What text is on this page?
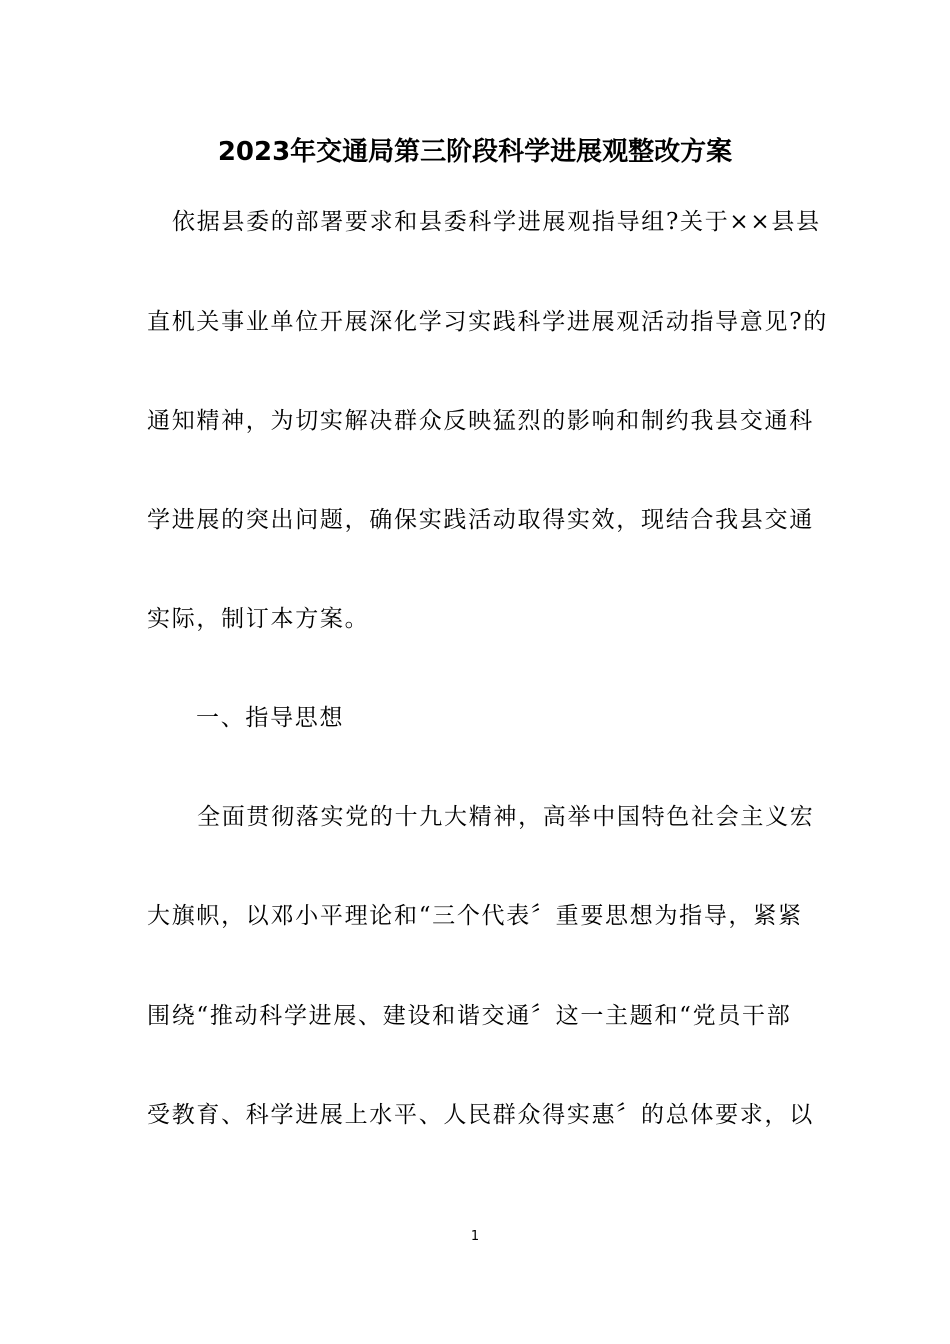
2023年交通局第三阶段科学进展观整改方案
依据县委的部署要求和县委科学进展观指导组?关于××县县
直机关事业单位开展深化学习实践科学进展观活动指导意见?的
通知精神，为切实解决群众反映猛烈的影响和制约我县交通科
学进展的突出问题，确保实践活动取得实效，现结合我县交通
实际，制订本方案。
一、指导思想
全面贯彻落实党的十九大精神，高举中国特色社会主义宏
大旗帜，以邓小平理论和“三个代表〞重要思想为指导，紧紧
围绕“推动科学进展、建设和谐交通〞这一主题和“党员干部
受教育、科学进展上水平、人民群众得实惠〞的总体要求，以
1
